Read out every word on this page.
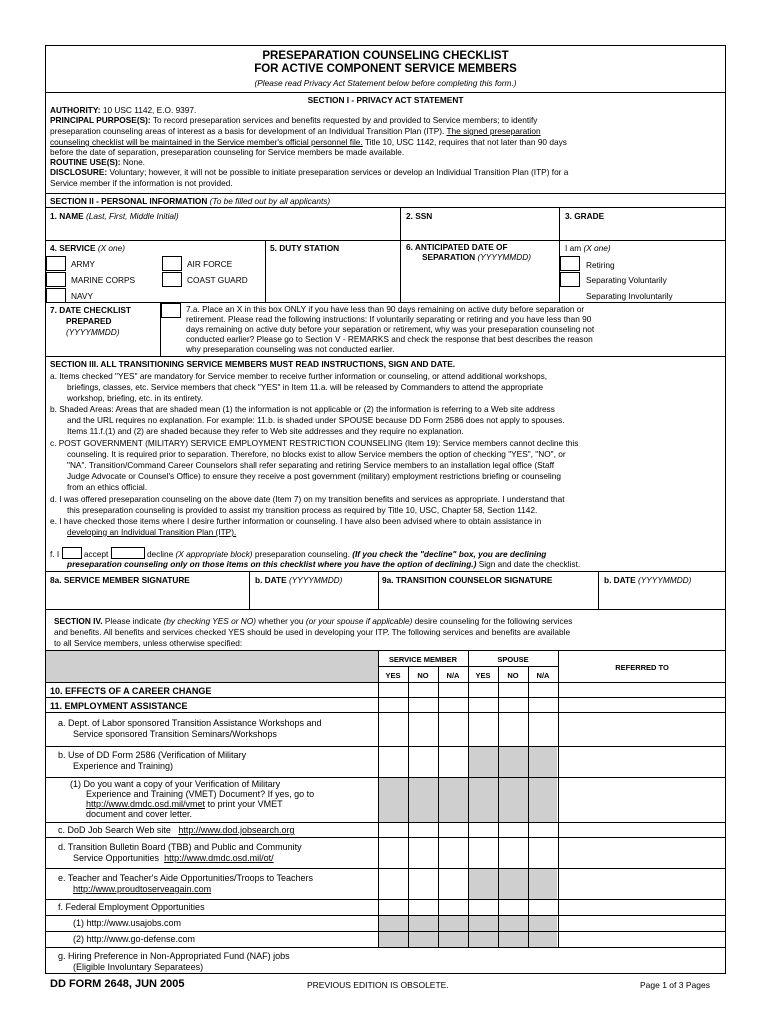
PRESEPARATION COUNSELING CHECKLIST
FOR ACTIVE COMPONENT SERVICE MEMBERS
(Please read Privacy Act Statement below before completing this form.)
SECTION I - PRIVACY ACT STATEMENT
AUTHORITY: 10 USC 1142, E.O. 9397.
PRINCIPAL PURPOSE(S): To record preseparation services and benefits requested by and provided to Service members; to identify
preseparation counseling areas of interest as a basis for development of an Individual Transition Plan (ITP). The signed preseparation
counseling checklist will be maintained in the Service member's official personnel file. Title 10, USC 1142, requires that not later than 90 days
before the date of separation, preseparation counseling for Service members be made available.
ROUTINE USE(S): None.
DISCLOSURE: Voluntary; however, it will not be possible to initiate preseparation services or develop an Individual Transition Plan (ITP) for a
Service member if the information is not provided.
SECTION II - PERSONAL INFORMATION (To be filled out by all applicants)
1. NAME (Last, First, Middle Initial)	2. SSN	3. GRADE
4. SERVICE (X one)
ARMY	AIR FORCE
MARINE CORPS	COAST GUARD
NAVY
5. DUTY STATION	6. ANTICIPATED DATE OF
SEPARATION (YYYYMMDD)
I am (X one)
Retiring
Separating Voluntarily
Separating Involuntarily
7. DATE CHECKLIST
PREPARED
(YYYYMMDD)
7.a. Place an X in this box ONLY if you have less than 90 days remaining on active duty before separation or
retirement. Please read the following instructions: If voluntarily separating or retiring and you have less than 90
days remaining on active duty before your separation or retirement, why was your preseparation counseling not
conducted earlier? Please go to Section V - REMARKS and check the response that best describes the reason
why preseparation counseling was not conducted earlier.
SECTION III. ALL TRANSITIONING SERVICE MEMBERS MUST READ INSTRUCTIONS, SIGN AND DATE.
a. Items checked "YES" are mandatory for Service member to receive further information or counseling, or attend additional workshops,
briefings, classes, etc. Service members that check "YES" in Item 11.a. will be released by Commanders to attend the appropriate
workshop, briefing, etc. in its entirety.
b. Shaded Areas: Areas that are shaded mean (1) the information is not applicable or (2) the information is referring to a Web site address
and the URL requires no explanation. For example: 11.b. is shaded under SPOUSE because DD Form 2586 does not apply to spouses.
Items 11.f.(1) and (2) are shaded because they refer to Web site addresses and they require no explanation.
c. POST GOVERNMENT (MILITARY) SERVICE EMPLOYMENT RESTRICTION COUNSELING (Item 19): Service members cannot decline this
counseling. It is required prior to separation. Therefore, no blocks exist to allow Service members the option of checking "YES", "NO", or
"NA". Transition/Command Career Counselors shall refer separating and retiring Service members to an installation legal office (Staff
Judge Advocate or Counsel's Office) to ensure they receive a post government (military) employment restrictions briefing or counseling
from an ethics official.
d. I was offered preseparation counseling on the above date (Item 7) on my transition benefits and services as appropriate. I understand that
this preseparation counseling is provided to assist my transition process as required by Title 10, USC, Chapter 58, Section 1142.
e. I have checked those items where I desire further information or counseling. I have also been advised where to obtain assistance in
developing an Individual Transition Plan (ITP).
f. I	accept	decline (X appropriate block) preseparation counseling. (If you check the "decline" box, you are declining
preseparation counseling only on those items on this checklist where you have the option of declining.) Sign and date the checklist.
8a. SERVICE MEMBER SIGNATURE	b. DATE (YYYYMMDD)	9a. TRANSITION COUNSELOR SIGNATURE	b. DATE (YYYYMMDD)
SECTION IV. Please indicate (by checking YES or NO) whether you (or your spouse if applicable) desire counseling for the following services
and benefits. All benefits and services checked YES should be used in developing your ITP. The following services and benefits are available
to all Service members, unless otherwise specified:
SERVICE MEMBER	SPOUSE
REFERRED TO
YES	NO	N/A	YES	NO	N/A
10. EFFECTS OF A CAREER CHANGE
11. EMPLOYMENT ASSISTANCE
a. Dept. of Labor sponsored Transition Assistance Workshops and
Service sponsored Transition Seminars/Workshops
b. Use of DD Form 2586 (Verification of Military
Experience and Training)
(1) Do you want a copy of your Verification of Military
Experience and Training (VMET) Document? If yes, go to
http://www.dmdc.osd.mil/vmet to print your VMET
document and cover letter.
c. DoD Job Search Web site http://www.dod.jobsearch.org
d. Transition Bulletin Board (TBB) and Public and Community
Service Opportunities http://www.dmdc.osd.mil/ot/
e. Teacher and Teacher's Aide Opportunities/Troops to Teachers
http://www.proudtoserveagain.com
f. Federal Employment Opportunities
(1) http://www.usajobs.com
(2) http://www.go-defense.com
g. Hiring Preference in Non-Appropriated Fund (NAF) jobs
(Eligible Involuntary Separatees)
DD FORM 2648, JUN 2005	PREVIOUS EDITION IS OBSOLETE.	Page 1 of 3 Pages
